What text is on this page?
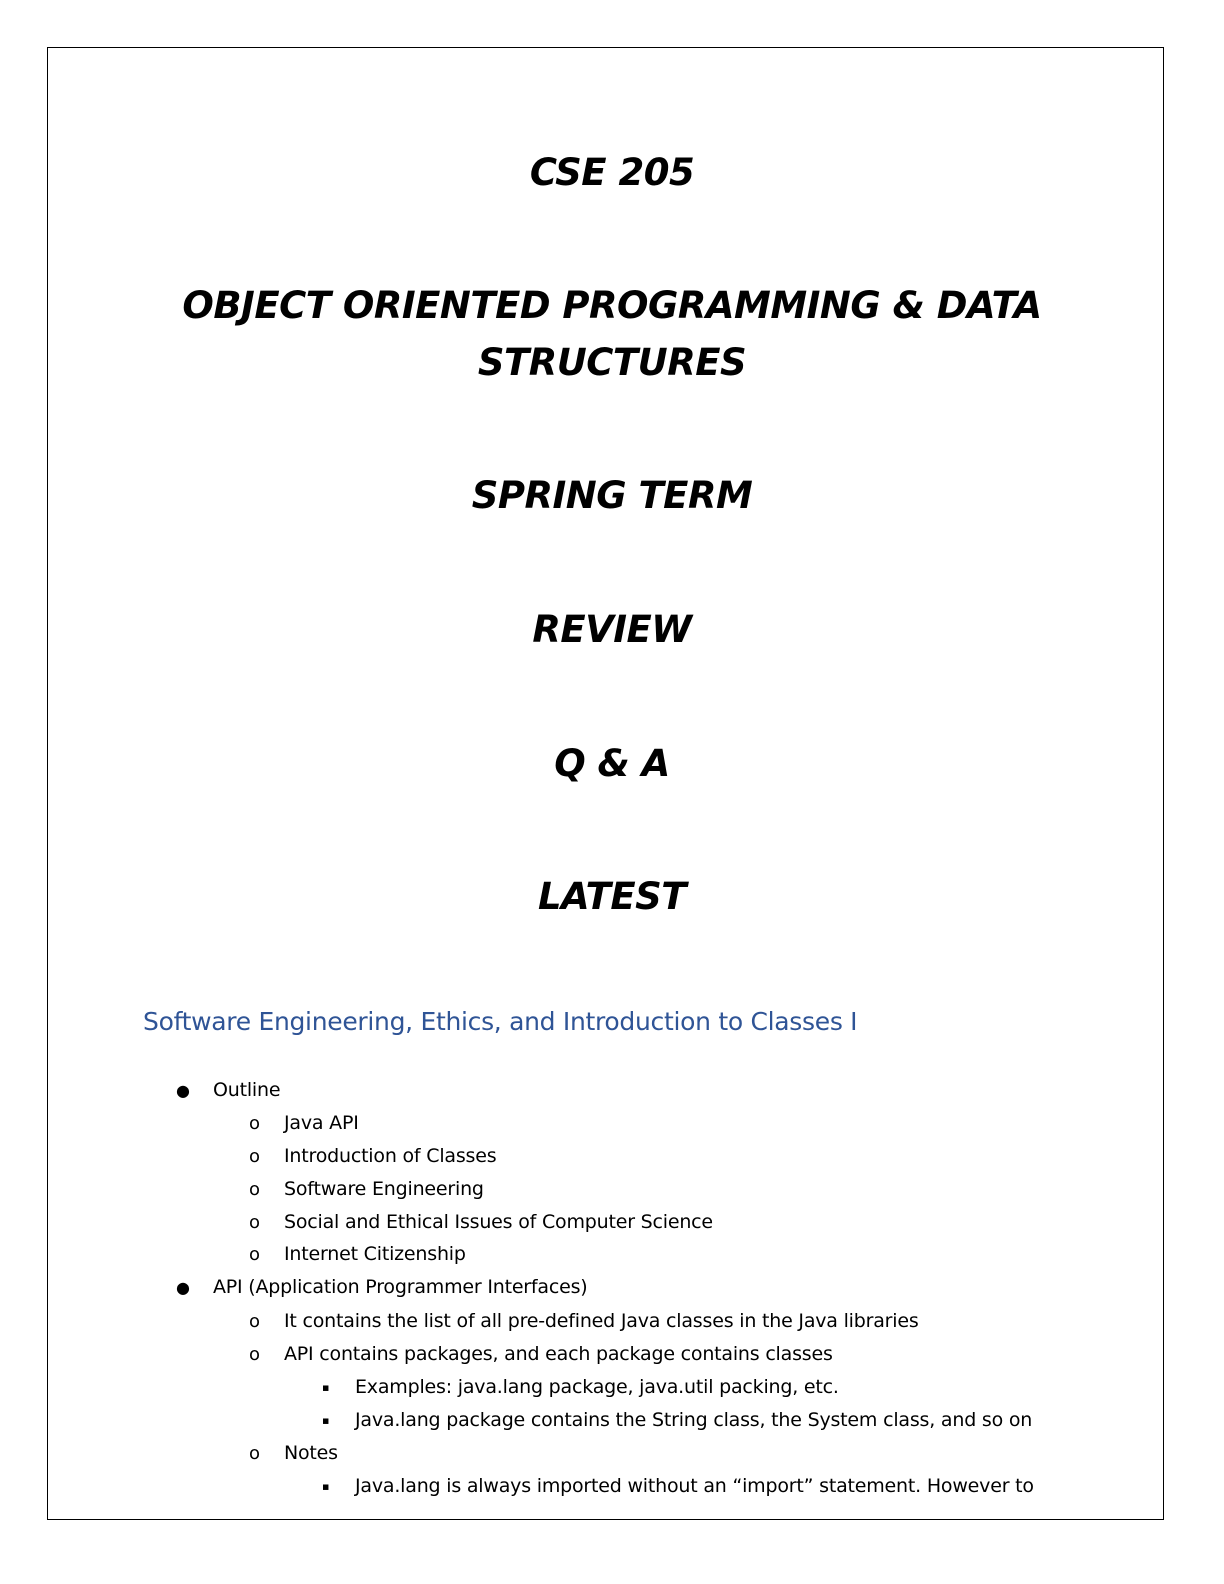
CSE 205
OBJECT ORIENTED PROGRAMMING & DATA
STRUCTURES
SPRING TERM
REVIEW
Q & A
LATEST
Software Engineering, Ethics, and Introduction to Classes I
● Outline
o Java API
o Introduction of Classes
o Software Engineering
o Social and Ethical Issues of Computer Science
o Internet Citizenship
● API (Application Programmer Interfaces)
o It contains the list of all pre-defined Java classes in the Java libraries
o API contains packages, and each package contains classes
▪ Examples: java.lang package, java.util packing, etc.
▪ Java.lang package contains the String class, the System class, and so on
o Notes
▪ Java.lang is always imported without an “import” statement. However to
